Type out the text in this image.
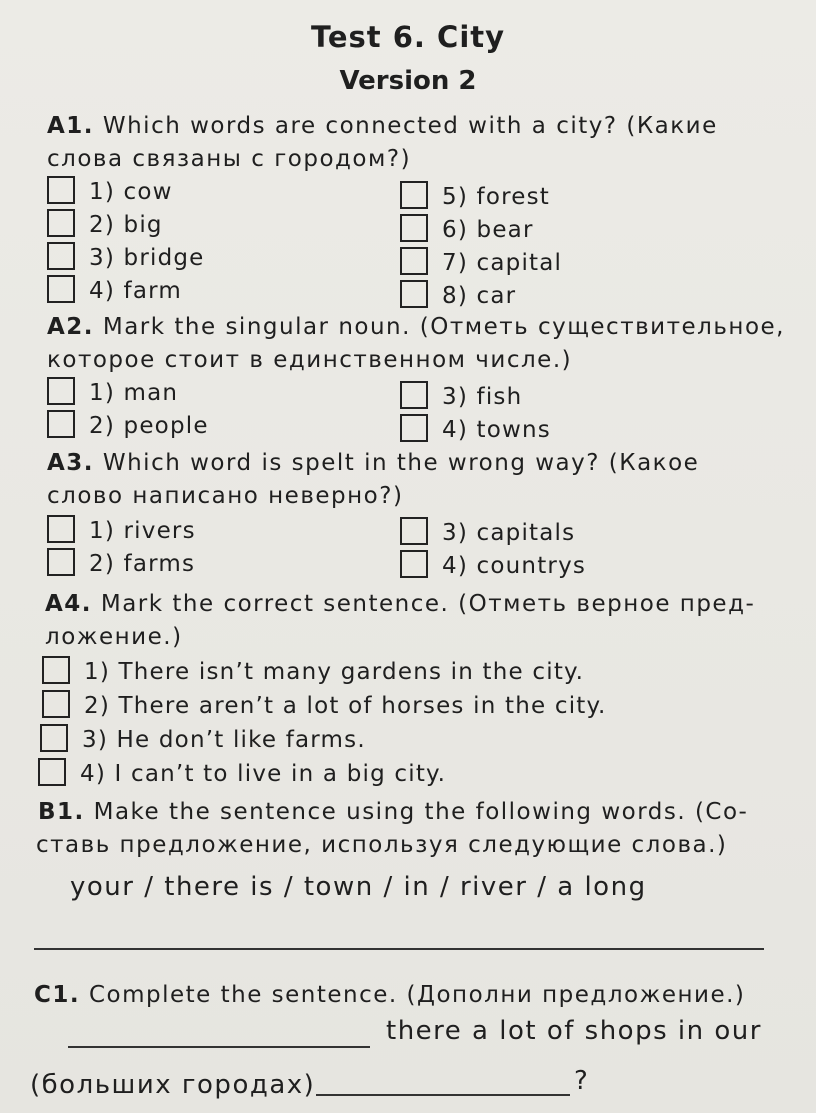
Test 6. City
Version 2
A1. Which words are connected with a city? (Какие
слова связаны с городом?)
1) cow
2) big
3) bridge
4) farm
5) forest
6) bear
7) capital
8) car
A2. Mark the singular noun. (Отметь существительное,
которое стоит в единственном числе.)
1) man
2) people
3) fish
4) towns
A3. Which word is spelt in the wrong way? (Какое
слово написано неверно?)
1) rivers
2) farms
3) capitals
4) countrys
A4. Mark the correct sentence. (Отметь верное пред-
ложение.)
1) There isn’t many gardens in the city.
2) There aren’t a lot of horses in the city.
3) He don’t like farms.
4) I can’t to live in a big city.
B1. Make the sentence using the following words. (Со-
ставь предложение, используя следующие слова.)
your / there is / town / in / river / a long
C1. Complete the sentence. (Дополни предложение.)
there a lot of shops in our
(больших городах)	?
